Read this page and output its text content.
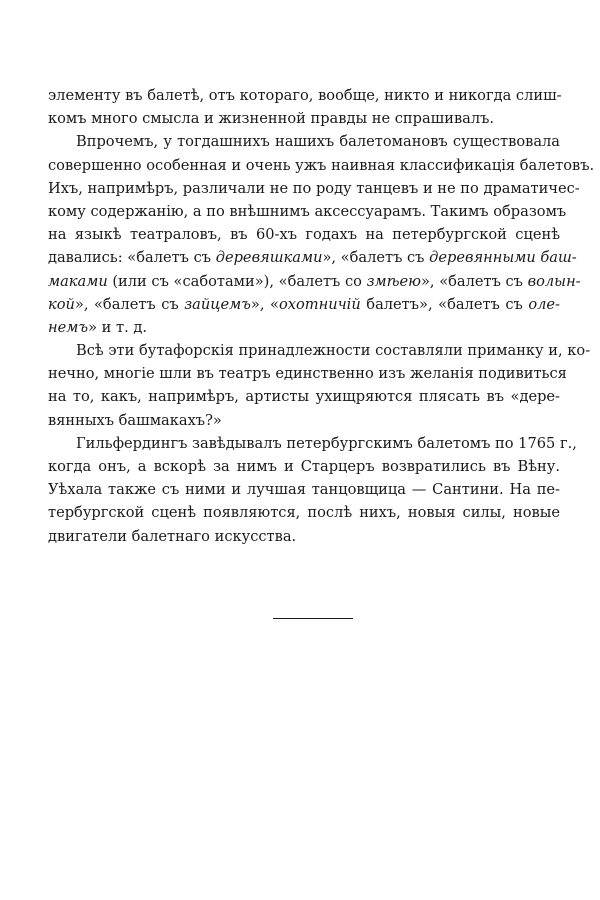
элементу въ балетѣ, отъ котораго, вообще, никто и никогда слиш-
комъ много смысла и жизненной правды не спрашивалъ.
Впрочемъ, у тогдашнихъ нашихъ балетомановъ существовала
совершенно особенная и очень ужъ наивная классификація балетовъ.
Ихъ, напримѣръ, различали не по роду танцевъ и не по драматичес-
кому содержанію, а по внѣшнимъ аксессуарамъ. Такимъ образомъ
на языкѣ театраловъ, въ 60-хъ годахъ на петербургской сценѣ
давались: «балетъ съ деревяшками», «балетъ съ деревянными баш-
маками (или съ «саботами»), «балетъ со змѣею», «балетъ съ волын-
кой», «балетъ съ зайцемъ», «охотничій балетъ», «балетъ съ оле-
немъ» и т. д.
Всѣ эти бутафорскія принадлежности составляли приманку и, ко-
нечно, многіе шли въ театръ единственно изъ желанія подивиться
на то, какъ, напримѣръ, артисты ухищряются плясать въ «дере-
вянныхъ башмакахъ?»
Гильфердингъ завѣдывалъ петербургскимъ балетомъ по 1765 г.,
когда онъ, а вскорѣ за нимъ и Старцеръ возвратились въ Вѣну.
Уѣхала также съ ними и лучшая танцовщица — Сантини. На пе-
тербургской сценѣ появляются, послѣ нихъ, новыя силы, новые
двигатели балетнаго искусства.
